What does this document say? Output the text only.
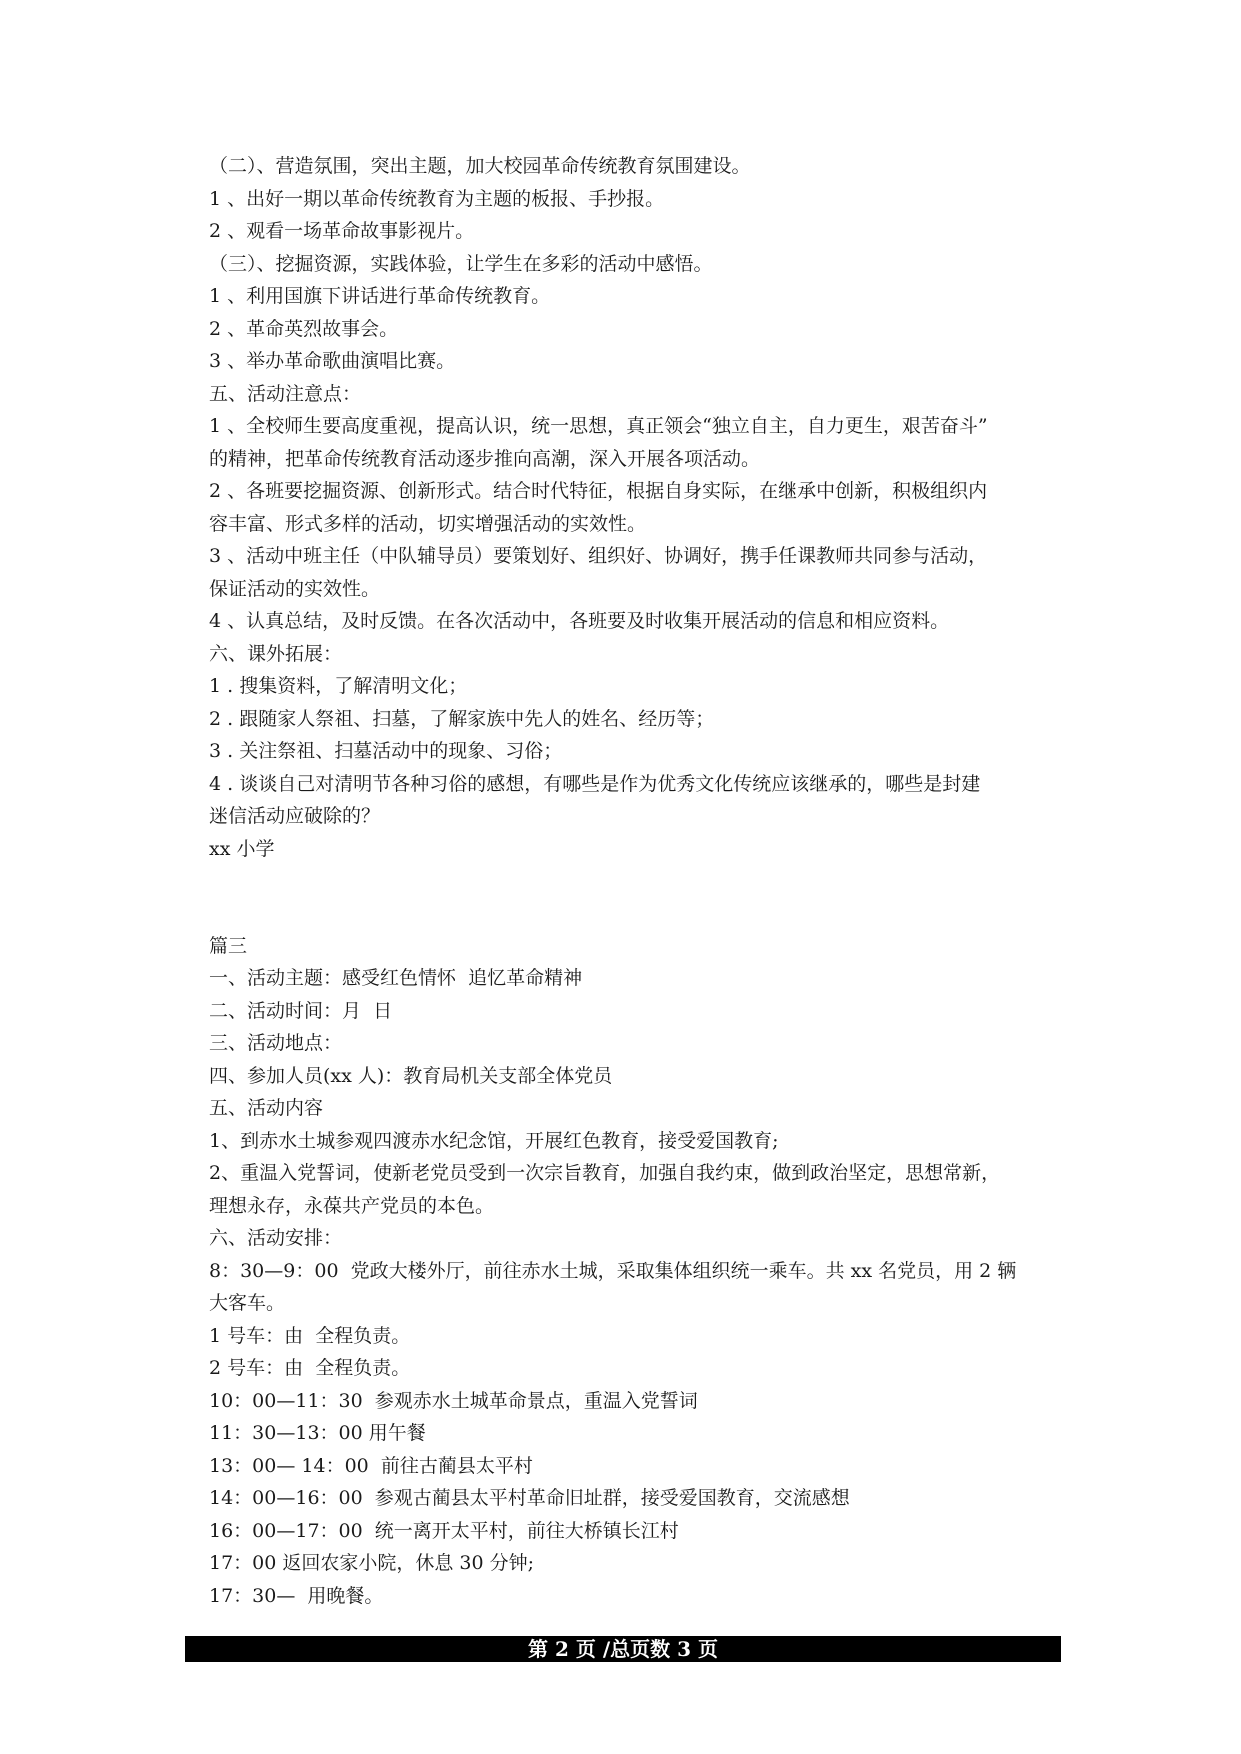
（二）、营造氛围，突出主题，加大校园革命传统教育氛围建设。

1 、出好一期以革命传统教育为主题的板报、手抄报。

2 、观看一场革命故事影视片。

（三）、挖掘资源，实践体验，让学生在多彩的活动中感悟。

1 、利用国旗下讲话进行革命传统教育。

2 、革命英烈故事会。

3 、举办革命歌曲演唱比赛。

五、活动注意点：

1 、全校师生要高度重视，提高认识，统一思想，真正领会“独立自主，自力更生，艰苦奋斗”

的精神，把革命传统教育活动逐步推向高潮，深入开展各项活动。

2 、各班要挖掘资源、创新形式。结合时代特征，根据自身实际，在继承中创新，积极组织内

容丰富、形式多样的活动，切实增强活动的实效性。

3 、活动中班主任（中队辅导员）要策划好、组织好、协调好，携手任课教师共同参与活动，

保证活动的实效性。

4 、认真总结，及时反馈。在各次活动中，各班要及时收集开展活动的信息和相应资料。

六、课外拓展：

1 . 搜集资料，了解清明文化；

2 . 跟随家人祭祖、扫墓，了解家族中先人的姓名、经历等；

3 . 关注祭祖、扫墓活动中的现象、习俗；

4 . 谈谈自己对清明节各种习俗的感想，有哪些是作为优秀文化传统应该继承的，哪些是封建

迷信活动应破除的？

xx 小学

篇三

一、活动主题：感受红色情怀  追忆革命精神

二、活动时间：月  日

三、活动地点：

四、参加人员(xx 人)：教育局机关支部全体党员

五、活动内容

1、到赤水土城参观四渡赤水纪念馆，开展红色教育，接受爱国教育;

2、重温入党誓词，使新老党员受到一次宗旨教育，加强自我约束，做到政治坚定，思想常新，

理想永存，永葆共产党员的本色。

六、活动安排：

8：30—9：00  党政大楼外厅，前往赤水土城，采取集体组织统一乘车。共 xx 名党员，用 2 辆

大客车。

1 号车：由  全程负责。

2 号车：由  全程负责。

10：00—11：30  参观赤水土城革命景点，重温入党誓词

11：30—13：00 用午餐

13：00— 14：00  前往古蔺县太平村

14：00—16：00  参观古蔺县太平村革命旧址群，接受爱国教育，交流感想

16：00—17：00  统一离开太平村，前往大桥镇长江村

17：00 返回农家小院，休息 30 分钟;

17：30—  用晚餐。

第 2 页 /总页数 3 页
